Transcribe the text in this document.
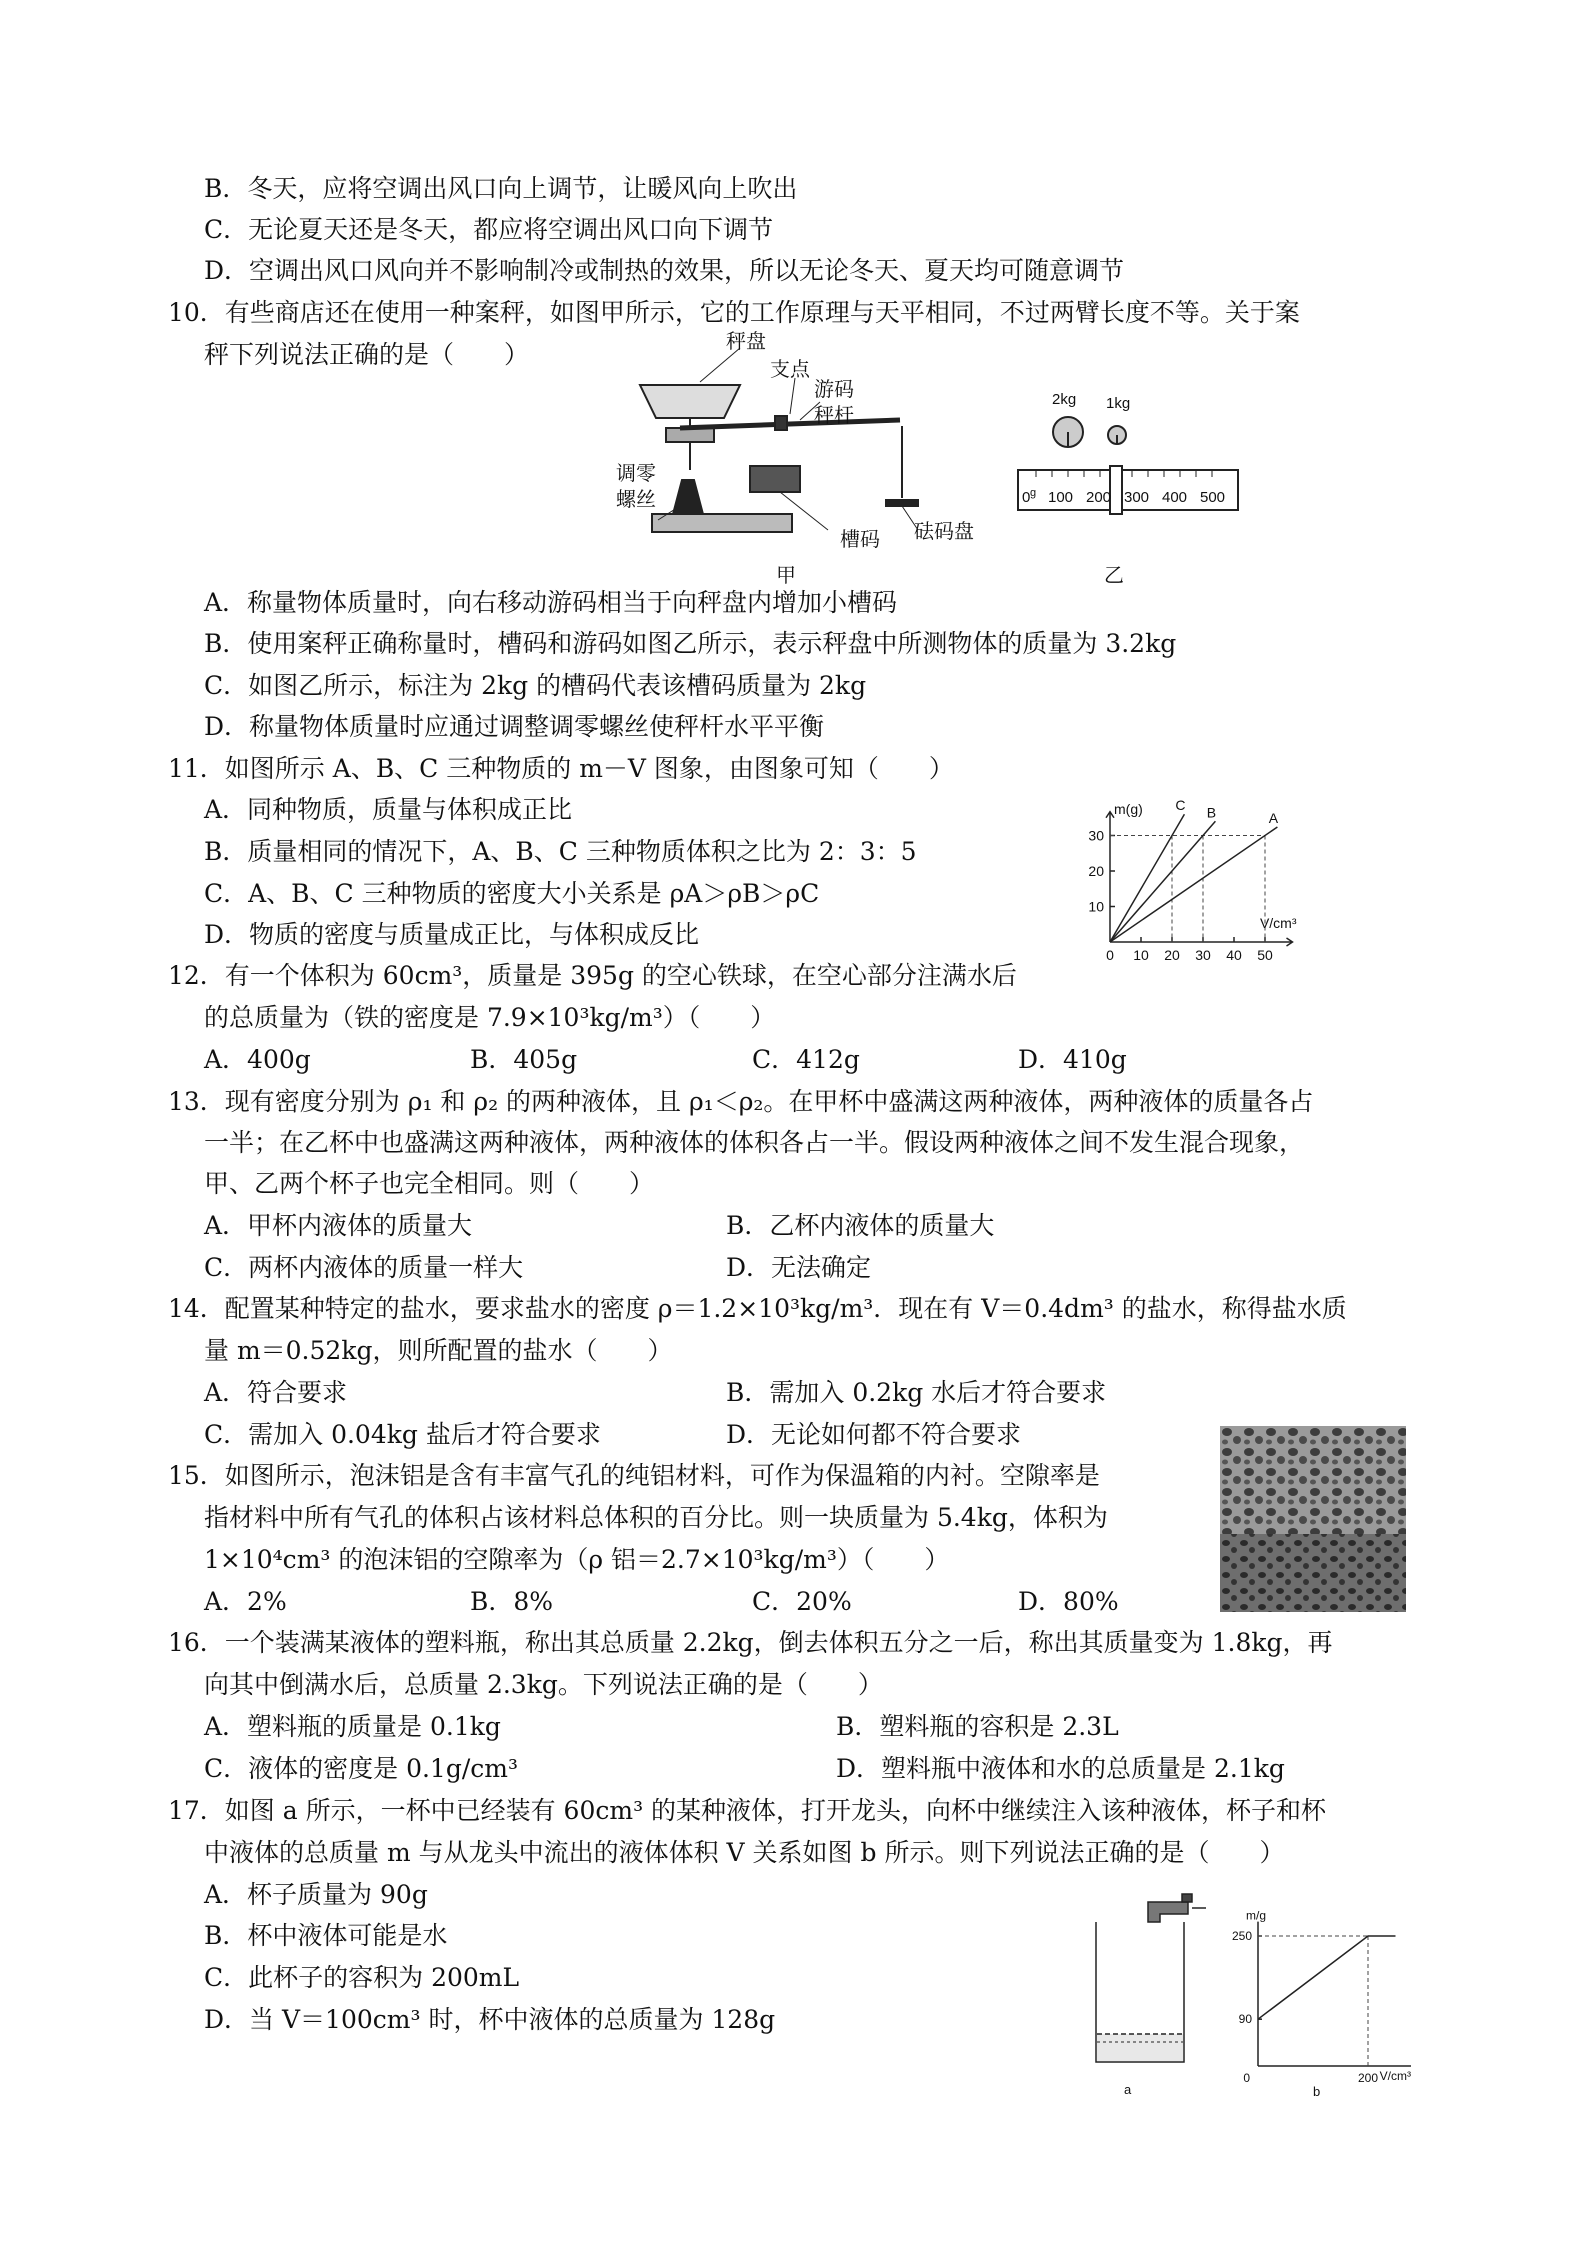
B．冬天，应将空调出风口向上调节，让暖风向上吹出
C．无论夏天还是冬天，都应将空调出风口向下调节
D．空调出风口风向并不影响制冷或制热的效果，所以无论冬天、夏天均可随意调节
10．有些商店还在使用一种案秤，如图甲所示，它的工作原理与天平相同，不过两臂长度不等。关于案
秤下列说法正确的是（　　）	秤盘
支点
游码
秤杆
调零
螺丝
槽码 砝码盘
甲
2kg 1kg
0 g 100 200 300 400 500
乙
A．称量物体质量时，向右移动游码相当于向秤盘内增加小槽码
B．使用案秤正确称量时，槽码和游码如图乙所示，表示秤盘中所测物体的质量为 3.2kg
C．如图乙所示，标注为 2kg 的槽码代表该槽码质量为 2kg
D．称量物体质量时应通过调整调零螺丝使秤杆水平平衡
11．如图所示 A、B、C 三种物质的 m－V 图象，由图象可知（　　）
A．同种物质，质量与体积成正比
B．质量相同的情况下，A、B、C 三种物质体积之比为 2：3：5
C．A、B、C 三种物质的密度大小关系是 ρA＞ρB＞ρC
D．物质的密度与质量成正比，与体积成反比
10
20
30
0 10 20 30 40 50
A
B
C
m(g)
V/cm³
12．有一个体积为 60cm³，质量是 395g 的空心铁球，在空心部分注满水后
的总质量为（铁的密度是 7.9×10³kg/m³）（　　）
A．400g	B．405g	C．412g	D．410g
13．现有密度分别为 ρ₁ 和 ρ₂ 的两种液体，且 ρ₁＜ρ₂。在甲杯中盛满这两种液体，两种液体的质量各占
一半；在乙杯中也盛满这两种液体，两种液体的体积各占一半。假设两种液体之间不发生混合现象，
甲、乙两个杯子也完全相同。则（　　）
A．甲杯内液体的质量大	B．乙杯内液体的质量大
C．两杯内液体的质量一样大	D．无法确定
14．配置某种特定的盐水，要求盐水的密度 ρ＝1.2×10³kg/m³．现在有 V＝0.4dm³ 的盐水，称得盐水质
量 m＝0.52kg，则所配置的盐水（　　）
A．符合要求	B．需加入 0.2kg 水后才符合要求
C．需加入 0.04kg 盐后才符合要求	D．无论如何都不符合要求
15．如图所示，泡沫铝是含有丰富气孔的纯铝材料，可作为保温箱的内衬。空隙率是
指材料中所有气孔的体积占该材料总体积的百分比。则一块质量为 5.4kg，体积为
1×10⁴cm³ 的泡沫铝的空隙率为（ρ 铝＝2.7×10³kg/m³）（　　）
A．2%	B．8%	C．20%	D．80%
16．一个装满某液体的塑料瓶，称出其总质量 2.2kg，倒去体积五分之一后，称出其质量变为 1.8kg，再
向其中倒满水后，总质量 2.3kg。下列说法正确的是（　　）
A．塑料瓶的质量是 0.1kg	B．塑料瓶的容积是 2.3L
C．液体的密度是 0.1g/cm³	D．塑料瓶中液体和水的总质量是 2.1kg
17．如图 a 所示，一杯中已经装有 60cm³ 的某种液体，打开龙头，向杯中继续注入该种液体，杯子和杯
中液体的总质量 m 与从龙头中流出的液体体积 V 关系如图 b 所示。则下列说法正确的是（　　）
A．杯子质量为 90g
B．杯中液体可能是水
C．此杯子的容积为 200mL
D．当 V＝100cm³ 时，杯中液体的总质量为 128g
a
90
250
200
0
m/g
V/cm³
b
